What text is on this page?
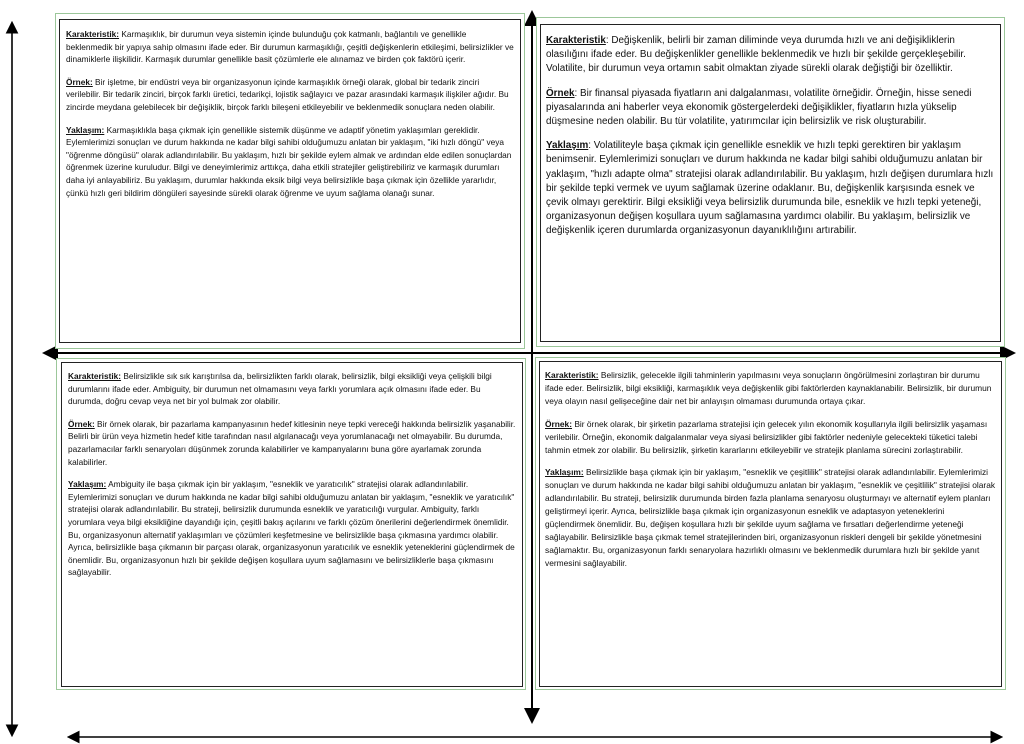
Karakteristik: Karmaşıklık, bir durumun veya sistemin içinde bulunduğu çok katmanlı, bağlantılı ve genellikle beklenmedik bir yapıya sahip olmasını ifade eder. Bir durumun karmaşıklığı, çeşitli değişkenlerin etkileşimi, belirsizlikler ve dinamiklerle ilişkilidir. Karmaşık durumlar genellikle basit çözümlerle ele alınamaz ve birden çok faktörü içerir.

Örnek: Bir işletme, bir endüstri veya bir organizasyonun içinde karmaşıklık örneği olarak, global bir tedarik zinciri verilebilir. Bir tedarik zinciri, birçok farklı üretici, tedarikçi, lojistik sağlayıcı ve pazar arasındaki karmaşık ilişkiler ağıdır. Bu zincirde meydana gelebilecek bir değişiklik, birçok farklı bileşeni etkileyebilir ve beklenmedik sonuçlara neden olabilir.

Yaklaşım: Karmaşıklıkla başa çıkmak için genellikle sistemik düşünme ve adaptif yönetim yaklaşımları gereklidir. Eylemlerimizi sonuçları ve durum hakkında ne kadar bilgi sahibi olduğumuzu anlatan bir yaklaşım, "iki hızlı döngü" veya "öğrenme döngüsü" olarak adlandırılabilir. Bu yaklaşım, hızlı bir şekilde eylem almak ve ardından elde edilen sonuçlardan öğrenmek üzerine kuruludur. Bilgi ve deneyimlerimiz arttıkça, daha etkili stratejiler geliştirebiliriz ve karmaşık durumları daha iyi anlayabiliriz. Bu yaklaşım, durumlar hakkında eksik bilgi veya belirsizlikle başa çıkmak için özellikle yararlıdır, çünkü hızlı geri bildirim döngüleri sayesinde sürekli olarak öğrenme ve uyum sağlama olanağı sunar.

Karakteristik: Değişkenlik, belirli bir zaman diliminde veya durumda hızlı ve ani değişikliklerin olasılığını ifade eder. Bu değişkenlikler genellikle beklenmedik ve hızlı bir şekilde gerçekleşebilir. Volatilite, bir durumun veya ortamın sabit olmaktan ziyade sürekli olarak değiştiği bir özelliktir.

Örnek: Bir finansal piyasada fiyatların ani dalgalanması, volatilite örneğidir. Örneğin, hisse senedi piyasalarında ani haberler veya ekonomik göstergelerdeki değişiklikler, fiyatların hızla yükselip düşmesine neden olabilir. Bu tür volatilite, yatırımcılar için belirsizlik ve risk oluşturabilir.

Yaklaşım: Volatiliteyle başa çıkmak için genellikle esneklik ve hızlı tepki gerektiren bir yaklaşım benimsenir. Eylemlerimizi sonuçları ve durum hakkında ne kadar bilgi sahibi olduğumuzu anlatan bir yaklaşım, "hızlı adapte olma" stratejisi olarak adlandırılabilir. Bu yaklaşım, hızlı değişen durumlara hızlı bir şekilde tepki vermek ve uyum sağlamak üzerine odaklanır. Bu, değişkenlik karşısında esnek ve çevik olmayı gerektirir. Bilgi eksikliği veya belirsizlik durumunda bile, esneklik ve hızlı tepki yeteneği, organizasyonun değişen koşullara uyum sağlamasına yardımcı olabilir. Bu yaklaşım, belirsizlik ve değişkenlik içeren durumlarda organizasyonun dayanıklılığını artırabilir.

Karakteristik: Belirsizlikle sık sık karıştırılsa da, belirsizlikten farklı olarak, belirsizlik, bilgi eksikliği veya çelişkili bilgi durumlarını ifade eder. Ambiguity, bir durumun net olmamasını veya farklı yorumlara açık olmasını ifade eder. Bu durumda, doğru cevap veya net bir yol bulmak zor olabilir.

Örnek: Bir örnek olarak, bir pazarlama kampanyasının hedef kitlesinin neye tepki vereceği hakkında belirsizlik yaşanabilir. Belirli bir ürün veya hizmetin hedef kitle tarafından nasıl algılanacağı veya yorumlanacağı net olmayabilir. Bu durumda, pazarlamacılar farklı senaryoları düşünmek zorunda kalabilirler ve kampanyalarını buna göre ayarlamak zorunda kalabilirler.

Yaklaşım: Ambiguity ile başa çıkmak için bir yaklaşım, "esneklik ve yaratıcılık" stratejisi olarak adlandırılabilir. Eylemlerimizi sonuçları ve durum hakkında ne kadar bilgi sahibi olduğumuzu anlatan bir yaklaşım, "esneklik ve yaratıcılık" stratejisi olarak adlandırılabilir. Bu strateji, belirsizlik durumunda esneklik ve yaratıcılığı vurgular. Ambiguity, farklı yorumlara veya bilgi eksikliğine dayandığı için, çeşitli bakış açılarını ve farklı çözüm önerilerini değerlendirmek önemlidir. Bu, organizasyonun alternatif yaklaşımları ve çözümleri keşfetmesine ve belirsizlikle başa çıkmasına yardımcı olabilir. Ayrıca, belirsizlikle başa çıkmanın bir parçası olarak, organizasyonun yaratıcılık ve esneklik yeteneklerini güçlendirmek de önemlidir. Bu, organizasyonun hızlı bir şekilde değişen koşullara uyum sağlamasını ve belirsizliklerle başa çıkmasını sağlayabilir.

Karakteristik: Belirsizlik, gelecekle ilgili tahminlerin yapılmasını veya sonuçların öngörülmesini zorlaştıran bir durumu ifade eder. Belirsizlik, bilgi eksikliği, karmaşıklık veya değişkenlik gibi faktörlerden kaynaklanabilir. Belirsizlik, bir durumun veya olayın nasıl gelişeceğine dair net bir anlayışın olmaması durumunda ortaya çıkar.

Örnek: Bir örnek olarak, bir şirketin pazarlama stratejisi için gelecek yılın ekonomik koşullarıyla ilgili belirsizlik yaşaması verilebilir. Örneğin, ekonomik dalgalanmalar veya siyasi belirsizlikler gibi faktörler nedeniyle gelecekteki tüketici talebi tahmin etmek zor olabilir. Bu belirsizlik, şirketin kararlarını etkileyebilir ve stratejik planlama sürecini zorlaştırabilir.

Yaklaşım: Belirsizlikle başa çıkmak için bir yaklaşım, "esneklik ve çeşitlilik" stratejisi olarak adlandırılabilir. Eylemlerimizi sonuçları ve durum hakkında ne kadar bilgi sahibi olduğumuzu anlatan bir yaklaşım, "esneklik ve çeşitlilik" stratejisi olarak adlandırılabilir. Bu strateji, belirsizlik durumunda birden fazla planlama senaryosu oluşturmayı ve alternatif eylem planları geliştirmeyi içerir. Ayrıca, belirsizlikle başa çıkmak için organizasyonun esneklik ve adaptasyon yeteneklerini güçlendirmek önemlidir. Bu, değişen koşullara hızlı bir şekilde uyum sağlama ve fırsatları değerlendirme yeteneği sağlayabilir. Belirsizlikle başa çıkmak temel stratejilerinden biri, organizasyonun riskleri dengeli bir şekilde yönetmesini sağlamaktır. Bu, organizasyonun farklı senaryolara hazırlıklı olmasını ve beklenmedik durumlara hızlı bir şekilde yanıt vermesini sağlayabilir.
